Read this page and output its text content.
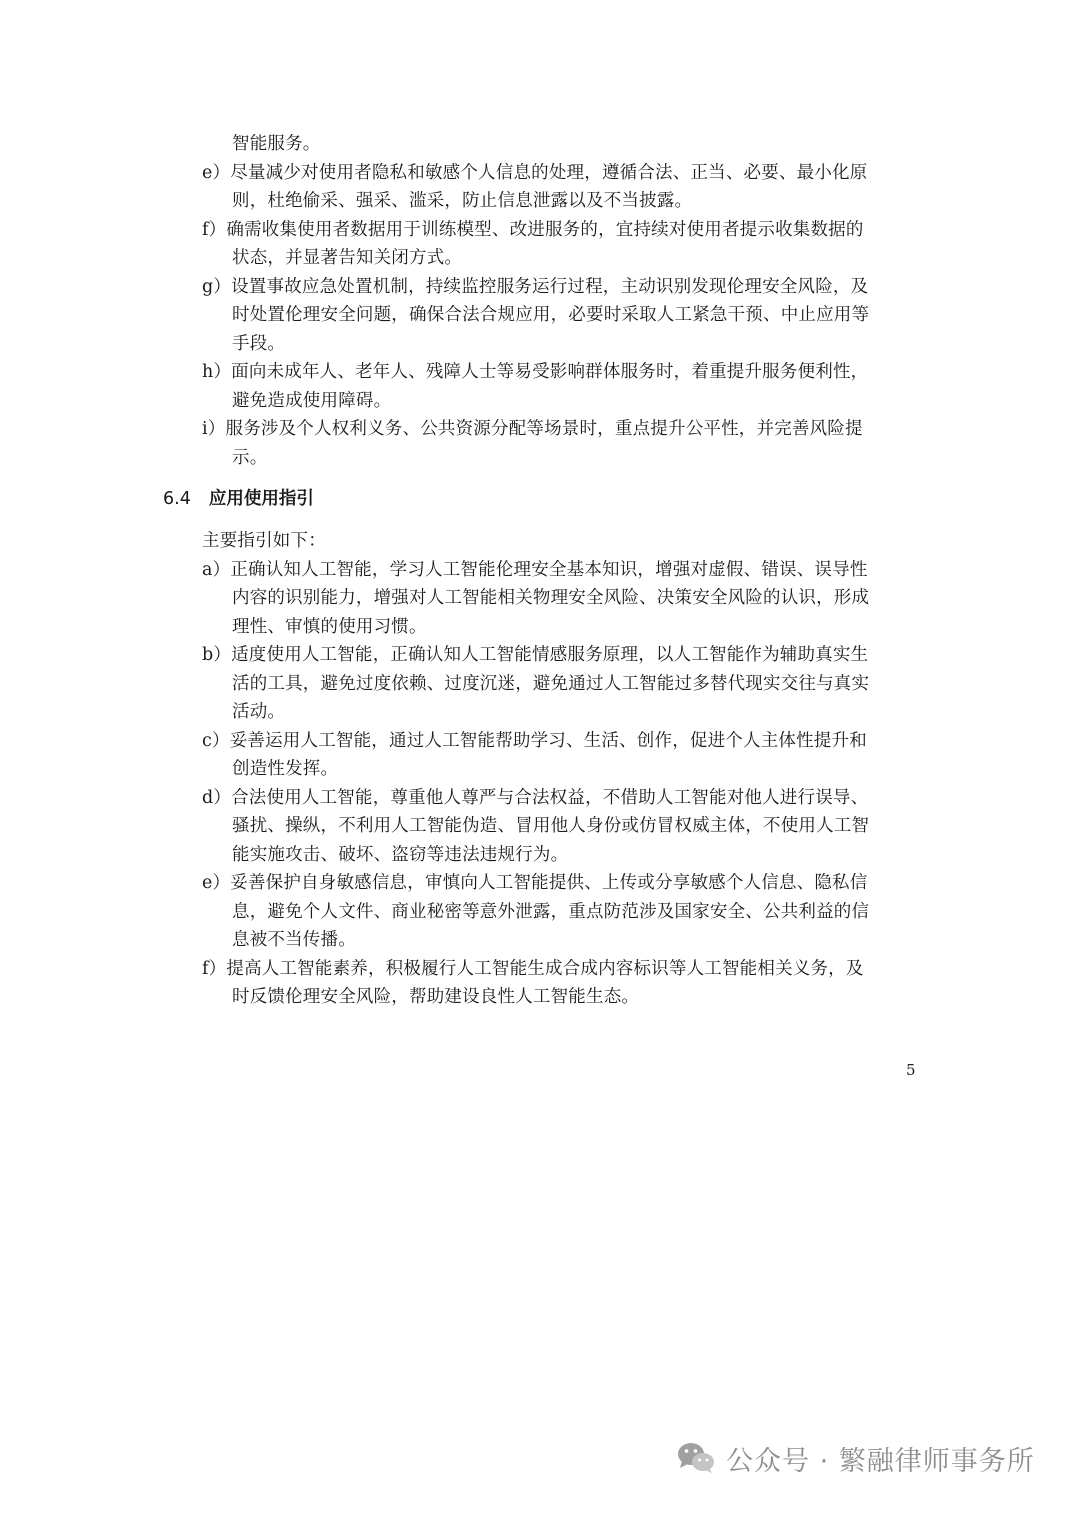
智能服务。
e）尽量减少对使用者隐私和敏感个人信息的处理，遵循合法、正当、必要、最小化原
则，杜绝偷采、强采、滥采，防止信息泄露以及不当披露。
f）确需收集使用者数据用于训练模型、改进服务的，宜持续对使用者提示收集数据的
状态，并显著告知关闭方式。
g）设置事故应急处置机制，持续监控服务运行过程，主动识别发现伦理安全风险，及
时处置伦理安全问题，确保合法合规应用，必要时采取人工紧急干预、中止应用等
手段。
h）面向未成年人、老年人、残障人士等易受影响群体服务时，着重提升服务便利性，
避免造成使用障碍。
i）服务涉及个人权利义务、公共资源分配等场景时，重点提升公平性，并完善风险提
示。
6.4 应用使用指引
主要指引如下：
a）正确认知人工智能，学习人工智能伦理安全基本知识，增强对虚假、错误、误导性
内容的识别能力，增强对人工智能相关物理安全风险、决策安全风险的认识，形成
理性、审慎的使用习惯。
b）适度使用人工智能，正确认知人工智能情感服务原理，以人工智能作为辅助真实生
活的工具，避免过度依赖、过度沉迷，避免通过人工智能过多替代现实交往与真实
活动。
c）妥善运用人工智能，通过人工智能帮助学习、生活、创作，促进个人主体性提升和
创造性发挥。
d）合法使用人工智能，尊重他人尊严与合法权益，不借助人工智能对他人进行误导、
骚扰、操纵，不利用人工智能伪造、冒用他人身份或仿冒权威主体，不使用人工智
能实施攻击、破坏、盗窃等违法违规行为。
e）妥善保护自身敏感信息，审慎向人工智能提供、上传或分享敏感个人信息、隐私信
息，避免个人文件、商业秘密等意外泄露，重点防范涉及国家安全、公共利益的信
息被不当传播。
f）提高人工智能素养，积极履行人工智能生成合成内容标识等人工智能相关义务，及
时反馈伦理安全风险，帮助建设良性人工智能生态。
5
公众号 · 繁融律师事务所
